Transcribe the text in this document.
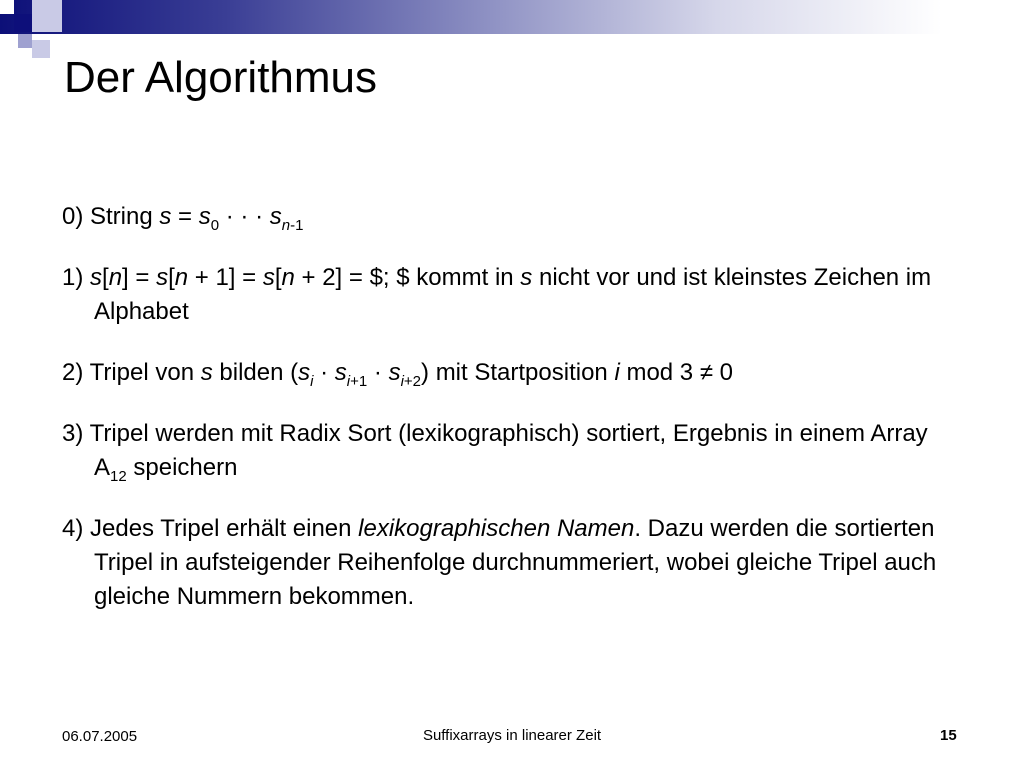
Der Algorithmus

0) String $s = s_0$ · · · $s_{n-1}$

1) s[n] = s[n + 1] = s[n + 2] = $; $ kommt in s nicht vor und ist kleinstes Zeichen im Alphabet

2) Tripel von s bilden $(s_i \cdot s_{i+1} \cdot s_{i+2})$ mit Startposition i mod 3 ≠ 0

3) Tripel werden mit Radix Sort (lexikographisch) sortiert, Ergebnis in einem Array $A_{12}$ speichern

4) Jedes Tripel erhält einen lexikographischen Namen. Dazu werden die sortierten Tripel in aufsteigender Reihenfolge durchnummeriert, wobei gleiche Tripel auch gleiche Nummern bekommen.

06.07.2005	Suffixarrays in linearer Zeit	15
